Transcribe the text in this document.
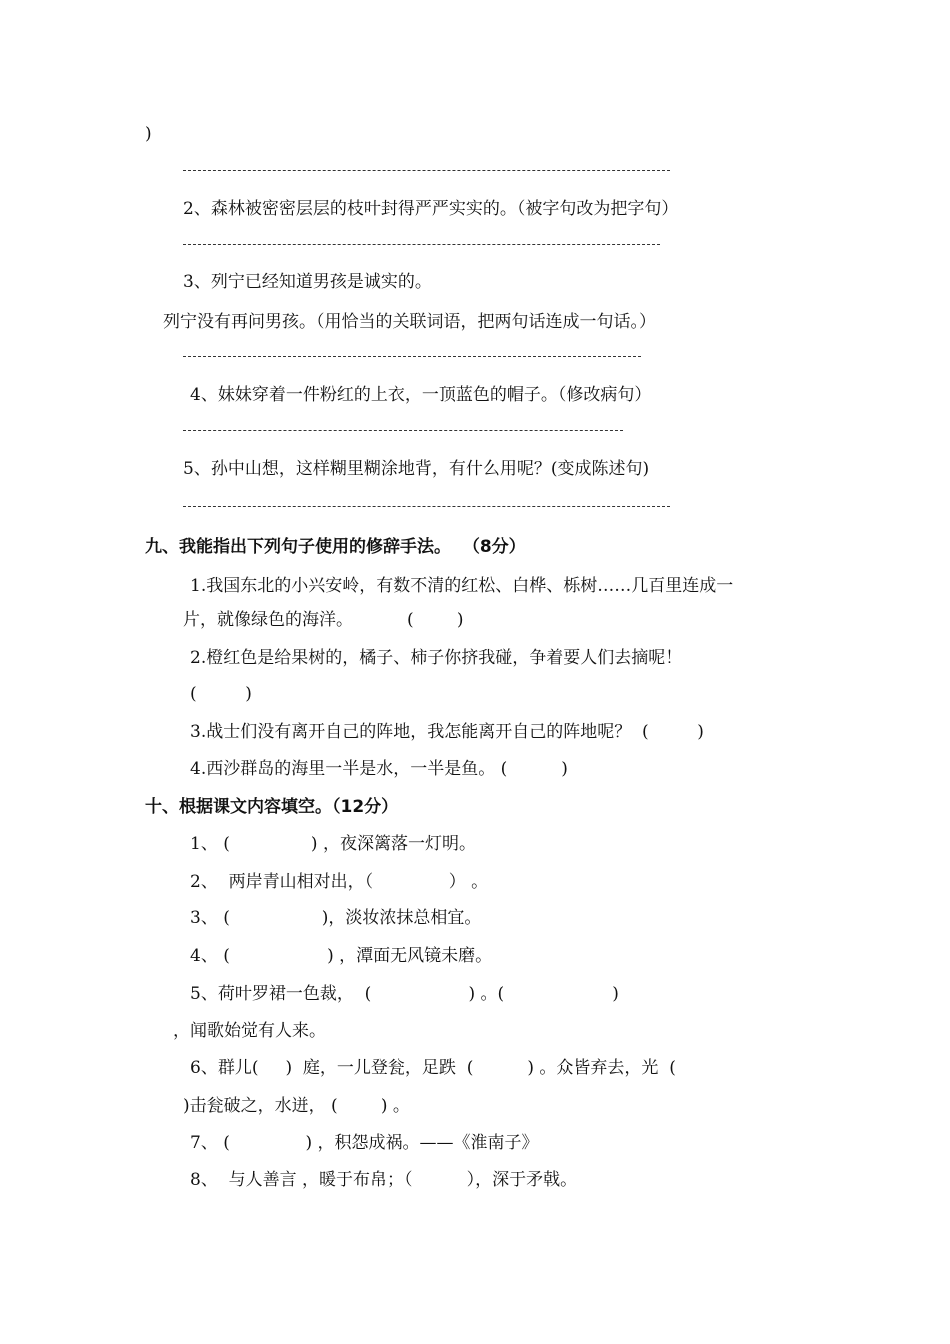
)
2、森林被密密层层的枝叶封得严严实实的。（被字句改为把字句）
3、列宁已经知道男孩是诚实的。
列宁没有再问男孩。（用恰当的关联词语，把两句话连成一句话。）
4、妹妹穿着一件粉红的上衣，一顶蓝色的帽子。（修改病句）
5、孙中山想，这样糊里糊涂地背，有什么用呢？(变成陈述句)
九、我能指出下列句子使用的修辞手法。  （8分）
1.我国东北的小兴安岭，有数不清的红松、白桦、栎树……几百里连成一
片，就像绿色的海洋。          (        )
2.橙红色是给果树的，橘子、柿子你挤我碰，争着要人们去摘呢！
(         )
3.战士们没有离开自己的阵地，我怎能离开自己的阵地呢？  (         )
4.西沙群岛的海里一半是水，一半是鱼。 (          )
十、根据课文内容填空。（12分）
1、 (               ) ，夜深篱落一灯明。
2、  两岸青山相对出，（              ） 。
3、 (                 )，淡妆浓抹总相宜。
4、 (                  ) ，潭面无风镜未磨。
5、荷叶罗裙一色裁，  (                  ) 。(                    )
，闻歌始觉有人来。
6、群儿(     )  庭，一儿登瓮，足跌  (          ) 。众皆弃去，光  (
)击瓮破之，水迸， (        ) 。
7、 (              ) ，积怨成祸。——《淮南子》
8、  与人善言 ，暖于布帛；（          ），深于矛戟。
